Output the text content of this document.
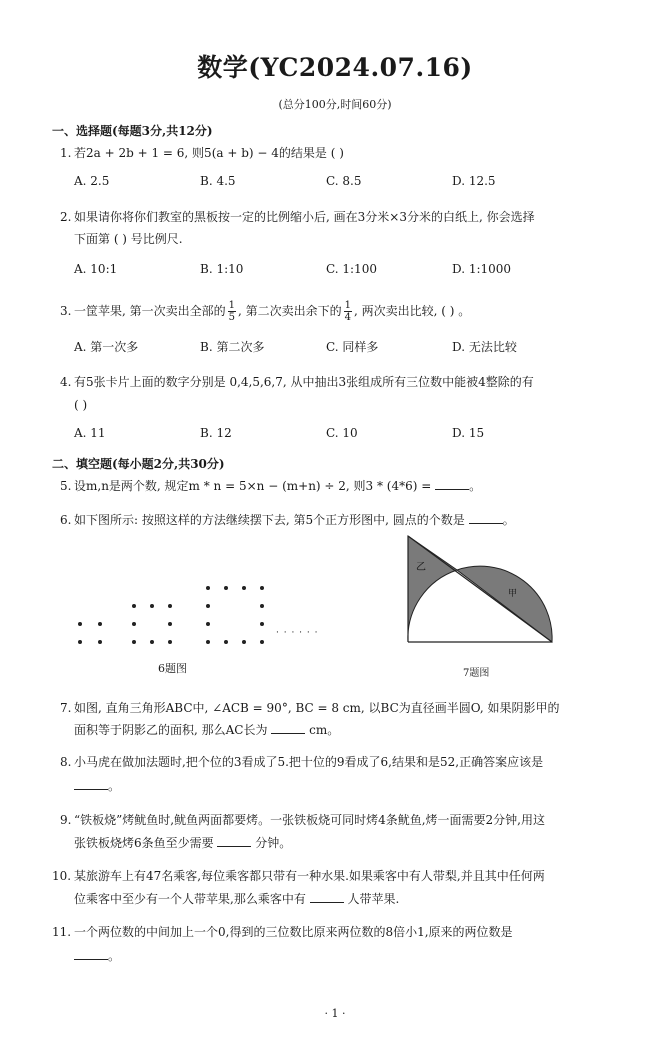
数学(YC2024.07.16)
(总分100分,时间60分)
一、选择题(每题3分,共12分)
1. 若2a + 2b + 1 = 6, 则5(a + b) − 4的结果是 ( )
A. 2.5	B. 4.5	C. 8.5	D. 12.5
2. 如果请你将你们教室的黑板按一定的比例缩小后, 画在3分米×3分米的白纸上, 你会选择
下面第 ( ) 号比例尺.
A. 10:1	B. 1:10	C. 1:100	D. 1:1000
3. 一筐苹果, 第一次卖出全部的 $\frac{1}{5}$ , 第二次卖出余下的 $\frac{1}{4}$ , 两次卖出比较, ( ) 。
A. 第一次多	B. 第二次多	C. 同样多	D. 无法比较
4. 有5张卡片上面的数字分别是 0,4,5,6,7, 从中抽出3张组成所有三位数中能被4整除的有
( )
A. 11	B. 12	C. 10	D. 15
二、填空题(每小题2分,共30分)
5. 设m,n是两个数, 规定m * n = 5×n − (m+n) ÷ 2, 则3 * (4*6) =	。
6. 如下图所示: 按照这样的方法继续摆下去, 第5个正方形图中, 圆点的个数是	。
· · · · · ·
6题图
乙
甲
7题图
7. 如图, 直角三角形ABC中, ∠ACB = 90°, BC = 8 cm, 以BC为直径画半圆O, 如果阴影甲的
面积等于阴影乙的面积, 那么AC长为	cm。
8. 小马虎在做加法题时,把个位的3看成了5.把十位的9看成了6,结果和是52,正确答案应该是
。
9. “铁板烧”烤鱿鱼时,鱿鱼两面都要烤。一张铁板烧可同时烤4条鱿鱼,烤一面需要2分钟,用这
张铁板烧烤6条鱼至少需要	分钟。
10. 某旅游车上有47名乘客,每位乘客都只带有一种水果.如果乘客中有人带梨,并且其中任何两
位乘客中至少有一个人带苹果,那么乘客中有	人带苹果.
11. 一个两位数的中间加上一个0,得到的三位数比原来两位数的8倍小1,原来的两位数是
。
· 1 ·
